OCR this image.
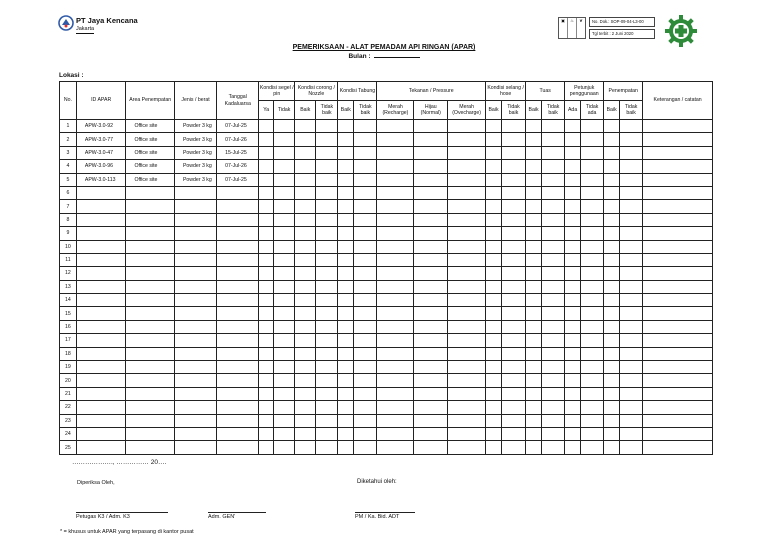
PT Jaya Kencana
Jakarta
▣	♨	❦	No. Dok.: SOP-09-04-L3-00
Tgl terbit : 2 Juni 2020
PEMERIKSAAN - ALAT PEMADAM API RINGAN (APAR)
Bulan :
Lokasi :
No.	ID APAR	Area Penempatan	Jenis / berat	Tanggal Kadaluarsa	Kondisi segel / pin		Kondisi corong / Nozzle		Kondisi Tabung		Tekanan / Pressure			Kondisi selang / hose		Tuas		Petunjuk penggunaan		Penempatan		Keterangan / catatan
					Ya	Tidak	Baik	Tidak baik	Baik	Tidak baik	Merah (Recharge)	Hijau (Normal)	Merah (Ovecharge)	Baik	Tidak baik	Baik	Tidak baik	Ada	Tidak ada	Baik	Tidak baik	
1	APW-3.0-92	Office site	Powder 3 kg	07-Jul-25																		
2	APW-3.0-77	Office site	Powder 3 kg	07-Jul-26																		
3	APW-3.0-47	Office site	Powder 3 kg	15-Jul-25																		
4	APW-3.0-96	Office site	Powder 3 kg	07-Jul-26																		
5	APW-3.0-113	Office site	Powder 3 kg	07-Jul-25																		
6																						
7																						
8																						
9																						
10																						
11																						
12																						
13																						
14																						
15																						
16																						
17																						
18																						
19																						
20																						
21																						
22																						
23																						
24																						
25																						
………………., …………… 20….
Diperiksa Oleh,	Diketahui oleh:
Petugas K3 / Adm. K3	Adm. GEN'	PM / Ka. Bid. ADT
* = khusus untuk APAR yang terpasang di kantor pusat
